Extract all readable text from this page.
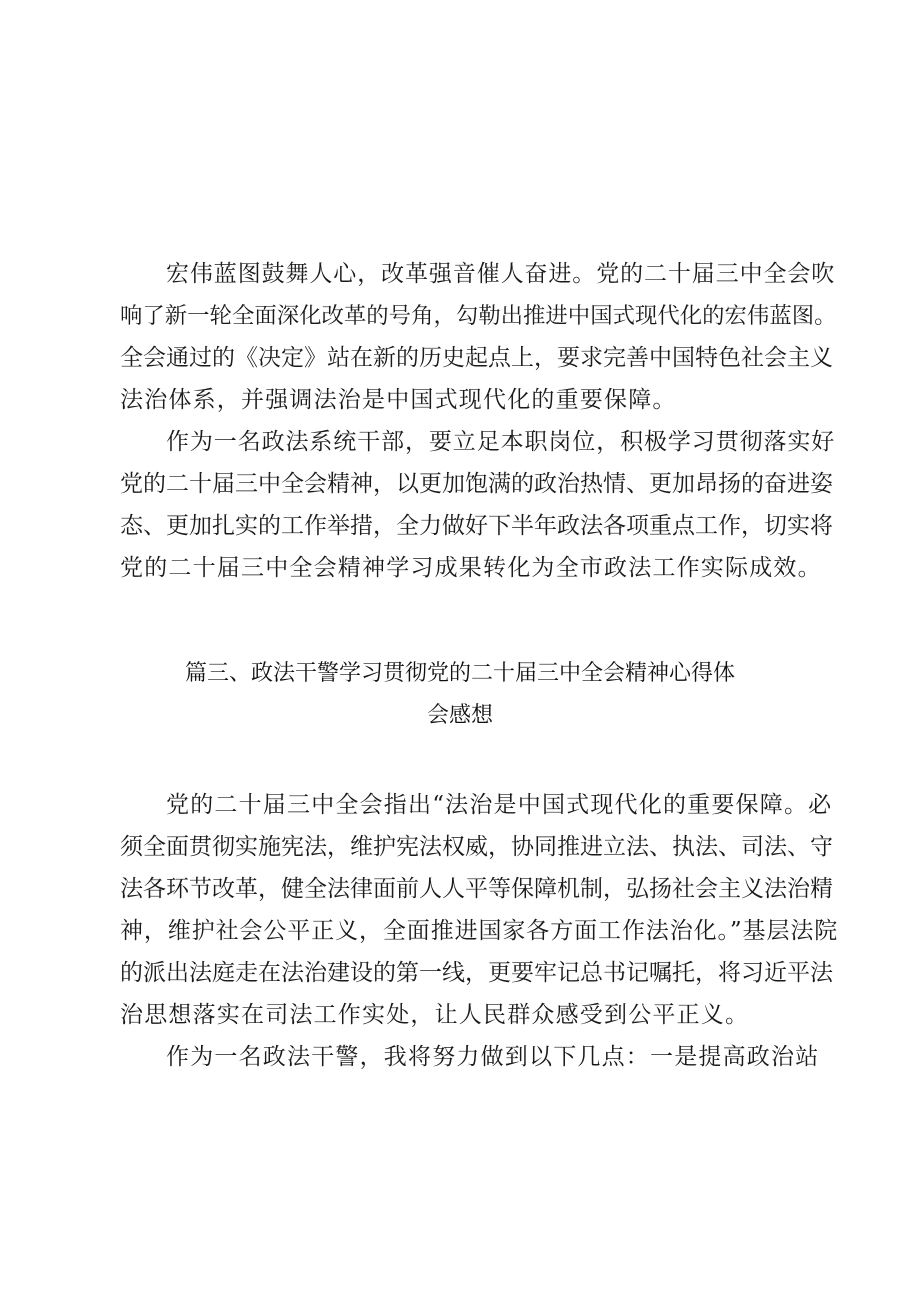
宏伟蓝图鼓舞人心，改革强音催人奋进。党的二十届三中全会吹
响了新一轮全面深化改革的号角，勾勒出推进中国式现代化的宏伟蓝图。
全会通过的《决定》站在新的历史起点上，要求完善中国特色社会主义
法治体系，并强调法治是中国式现代化的重要保障。
作为一名政法系统干部，要立足本职岗位，积极学习贯彻落实好
党的二十届三中全会精神，以更加饱满的政治热情、更加昂扬的奋进姿
态、更加扎实的工作举措，全力做好下半年政法各项重点工作，切实将
党的二十届三中全会精神学习成果转化为全市政法工作实际成效。
篇三、政法干警学习贯彻党的二十届三中全会精神心得体
会感想
党的二十届三中全会指出“法治是中国式现代化的重要保障。必
须全面贯彻实施宪法，维护宪法权威，协同推进立法、执法、司法、守
法各环节改革，健全法律面前人人平等保障机制，弘扬社会主义法治精
神，维护社会公平正义，全面推进国家各方面工作法治化。”基层法院
的派出法庭走在法治建设的第一线，更要牢记总书记嘱托，将习近平法
治思想落实在司法工作实处，让人民群众感受到公平正义。
作为一名政法干警，我将努力做到以下几点：一是提高政治站
